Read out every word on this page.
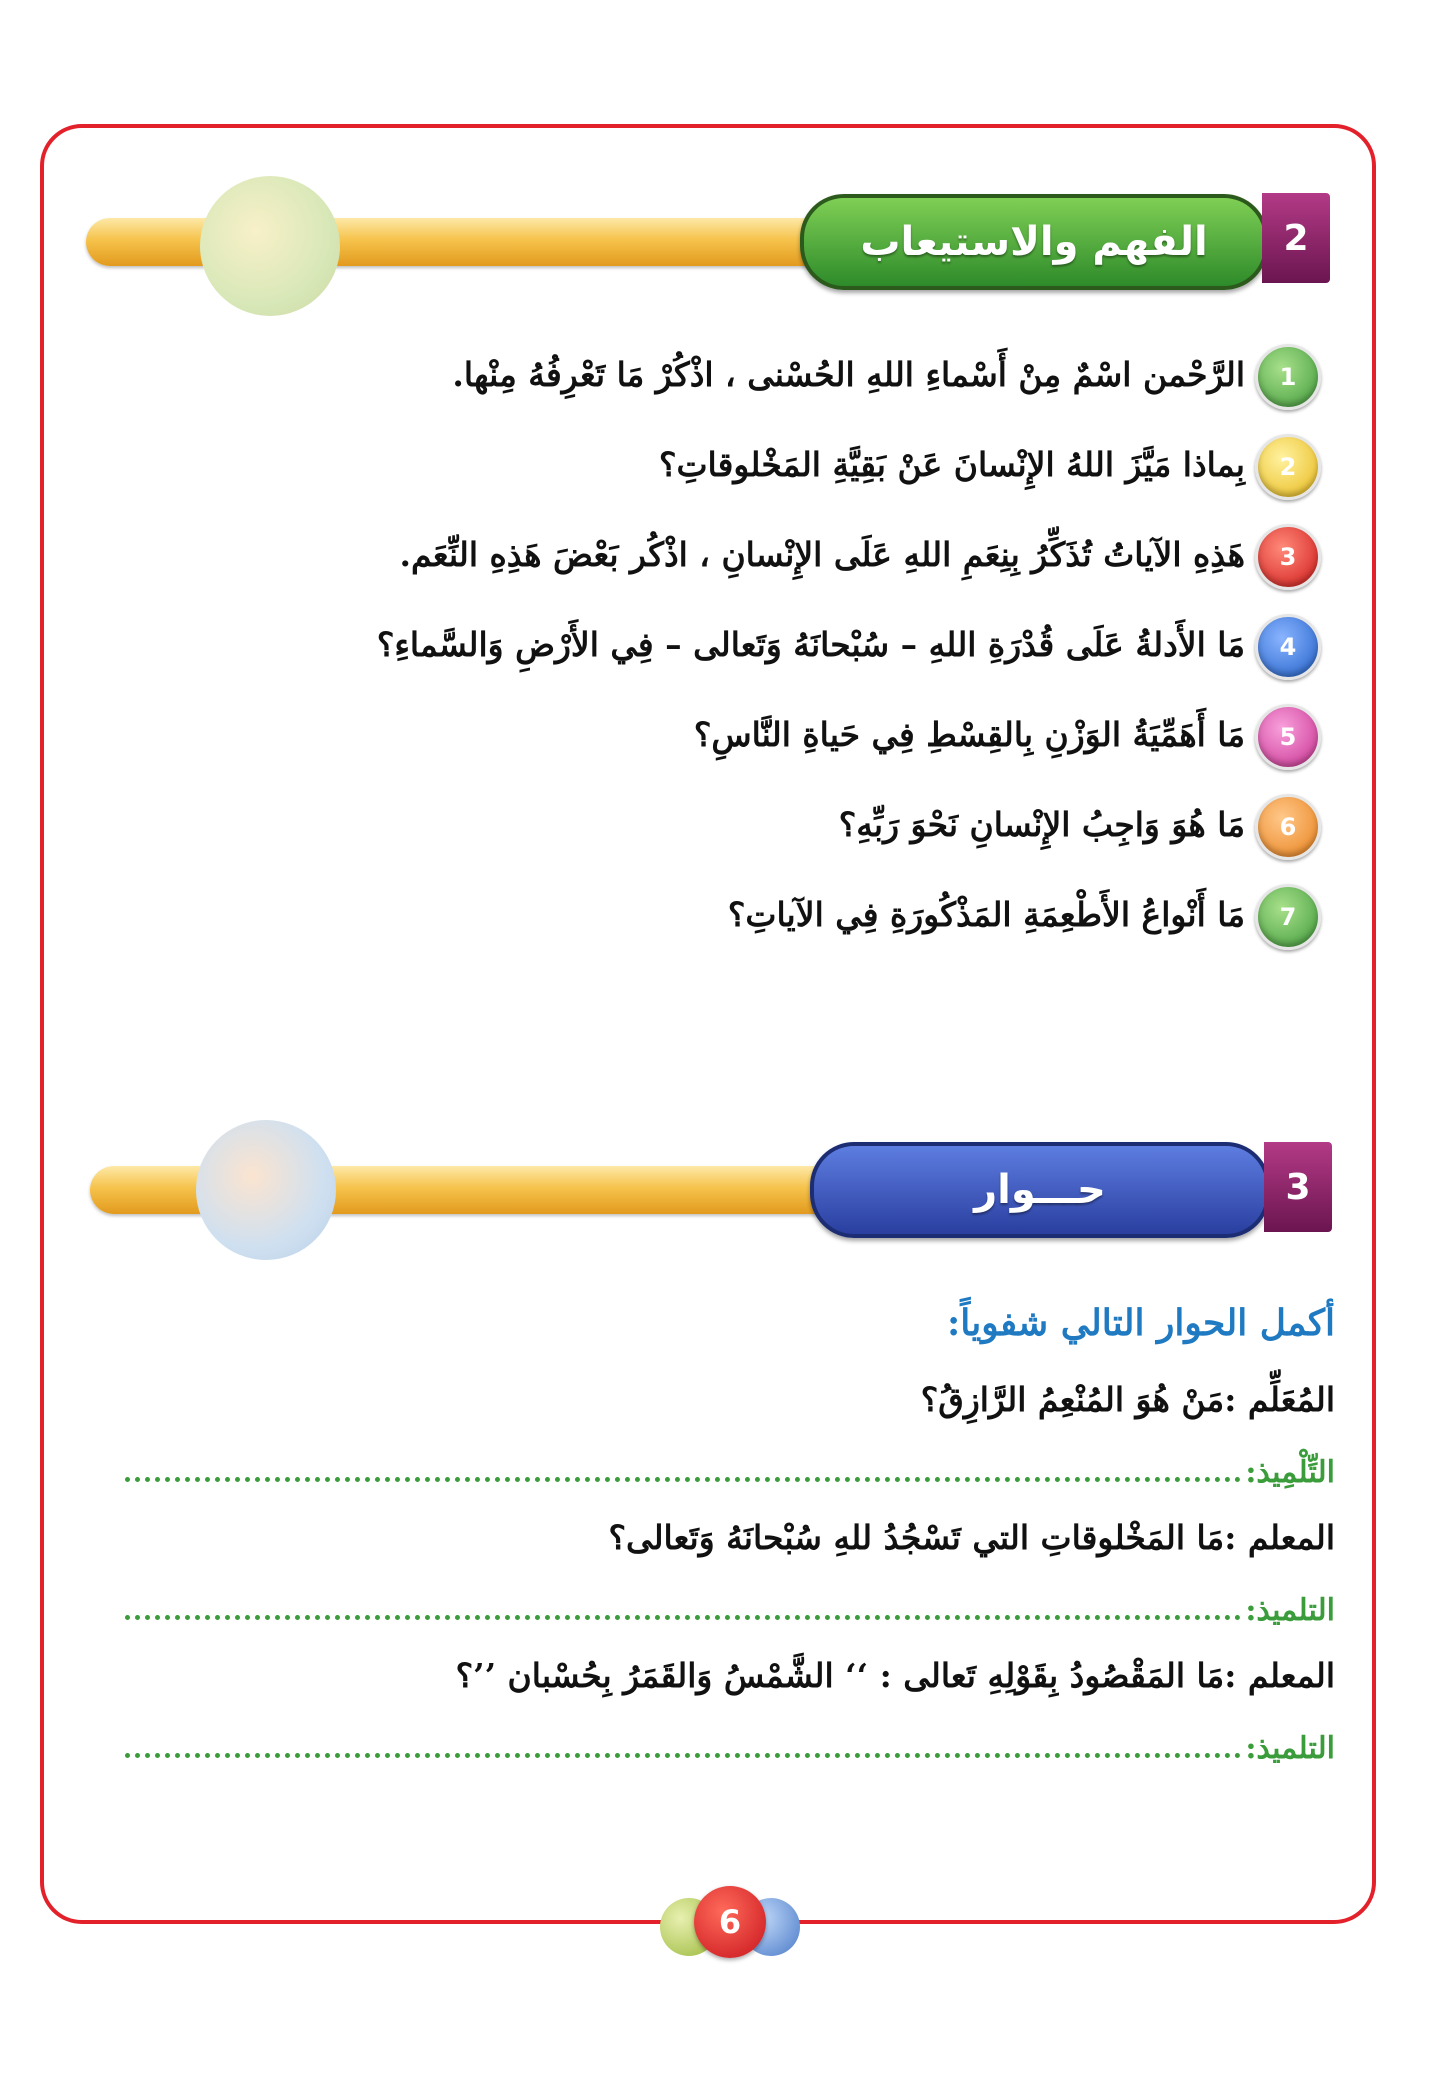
الفهم والاستيعاب	2
1
الرَّحْمن اسْمٌ مِنْ أَسْماءِ اللهِ الحُسْنى ، اذْكُرْ مَا تَعْرِفُهُ مِنْها.
2
بِماذا مَيَّزَ اللهُ الإِنْسانَ عَنْ بَقِيَّةِ المَخْلوقاتِ؟
3
هَذِهِ الآياتُ تُذَكِّرُ بِنِعَمِ اللهِ عَلَى الإِنْسانِ ، اذْكُر بَعْضَ هَذِهِ النِّعَم.
4
مَا الأَدلةُ عَلَى قُدْرَةِ اللهِ – سُبْحانَهُ وَتَعالى – فِي الأَرْضِ وَالسَّماءِ؟
5
مَا أَهَمِّيَةُ الوَزْنِ بِالقِسْطِ فِي حَياةِ النَّاسِ؟
6
مَا هُوَ وَاجِبُ الإِنْسانِ نَحْوَ رَبِّهِ؟
7
مَا أَنْواعُ الأَطْعِمَةِ المَذْكُورَةِ فِي الآياتِ؟
حـــوار	3
أكمل الحوار التالي شفوياً:
المُعَلِّم :مَنْ هُوَ المُنْعِمُ الرَّازِقُ؟
التِّلْمِيذ:
المعلم :مَا المَخْلوقاتِ التي تَسْجُدُ للهِ سُبْحانَهُ وَتَعالى؟
التلميذ:
المعلم :مَا المَقْصُودُ بِقَوْلِهِ تَعالى : ‘‘ الشَّمْسُ وَالقَمَرُ بِحُسْبان ’’؟
التلميذ:
6
